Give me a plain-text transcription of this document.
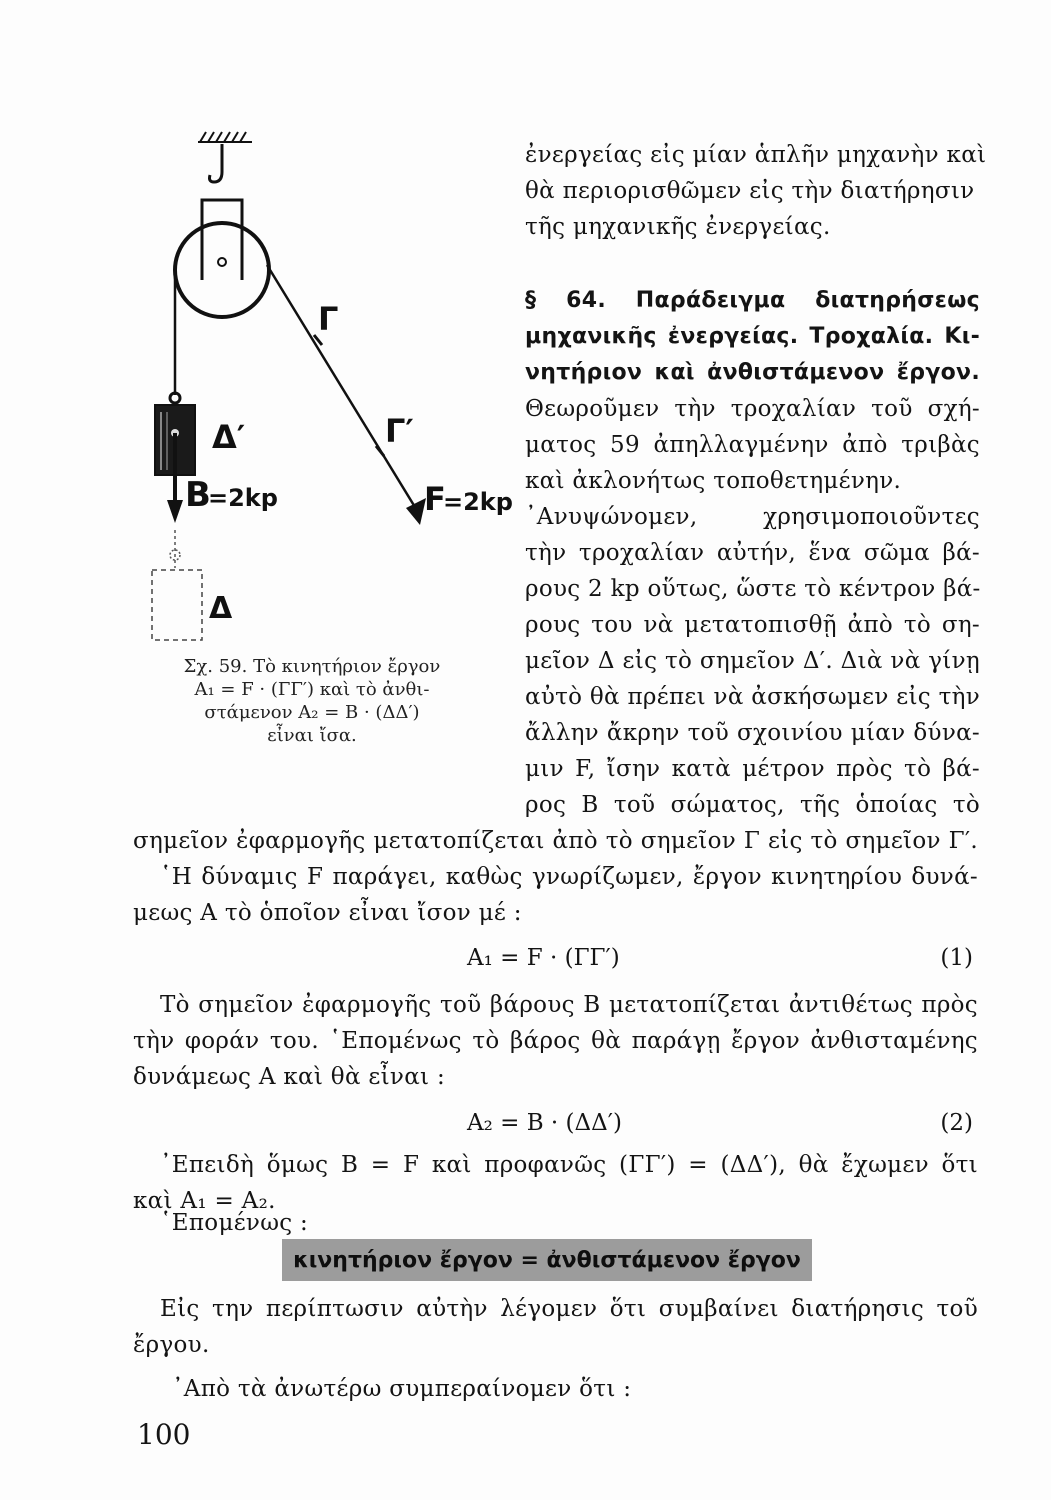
Δ′
B
=2kp
Γ
Γ′
F
=2kp
Δ
Σχ. 59. Τὸ κινητήριον ἔργον
A₁ = F · (ΓΓ′) καὶ τὸ ἀνθι-
στάμενον A₂ = B · (ΔΔ′)
εἶναι ἴσα.
ἐνεργείας εἰς μίαν ἁπλῆν μηχανὴν καὶ
θὰ περιορισθῶμεν εἰς τὴν διατήρησιν
τῆς μηχανικῆς ἐνεργείας.
§ 64. Παράδειγμα διατηρήσεως
μηχανικῆς ἐνεργείας. Τροχαλία. Κι-
νητήριον καὶ ἀνθιστάμενον ἔργον.
Θεωροῦμεν τὴν τροχαλίαν τοῦ σχή-
ματος 59 ἀπηλλαγμένην ἀπὸ τριβὰς
καὶ ἀκλονήτως τοποθετημένην.
᾿Ανυψώνομεν, χρησιμοποιοῦντες
τὴν τροχαλίαν αὐτήν, ἕνα σῶμα βά-
ρους 2 kp οὕτως, ὥστε τὸ κέντρον βά-
ρους του νὰ μετατοπισθῇ ἀπὸ τὸ ση-
μεῖον Δ εἰς τὸ σημεῖον Δ′. Διὰ νὰ γίνῃ
αὐτὸ θὰ πρέπει νὰ ἀσκήσωμεν εἰς τὴν
ἄλλην ἄκρην τοῦ σχοινίου μίαν δύνα-
μιν F, ἴσην κατὰ μέτρον πρὸς τὸ βά-
ρος B τοῦ σώματος, τῆς ὁποίας τὸ
σημεῖον ἐφαρμογῆς μετατοπίζεται ἀπὸ τὸ σημεῖον Γ εἰς τὸ σημεῖον Γ′.
῾Η δύναμις F παράγει, καθὼς γνωρίζωμεν, ἔργον κινητηρίου δυνά-
μεως A τὸ ὁποῖον εἶναι ἴσον μέ :
A₁ = F · (ΓΓ′)	(1)
Τὸ σημεῖον ἐφαρμογῆς τοῦ βάρους B μετατοπίζεται ἀντιθέτως πρὸς
τὴν φοράν του. ῾Επομένως τὸ βάρος θὰ παράγῃ ἔργον ἀνθισταμένης
δυνάμεως A καὶ θὰ εἶναι :
A₂ = B · (ΔΔ′)	(2)
᾿Επειδὴ ὅμως B = F καὶ προφανῶς (ΓΓ′) = (ΔΔ′), θὰ ἔχωμεν ὅτι
καὶ A₁ = A₂.
῾Επομένως :
κινητήριον ἔργον = ἀνθιστάμενον ἔργον
Εἰς την περίπτωσιν αὐτὴν λέγομεν ὅτι συμβαίνει διατήρησις τοῦ
ἔργου.
᾿Απὸ τὰ ἀνωτέρω συμπεραίνομεν ὅτι :
100
